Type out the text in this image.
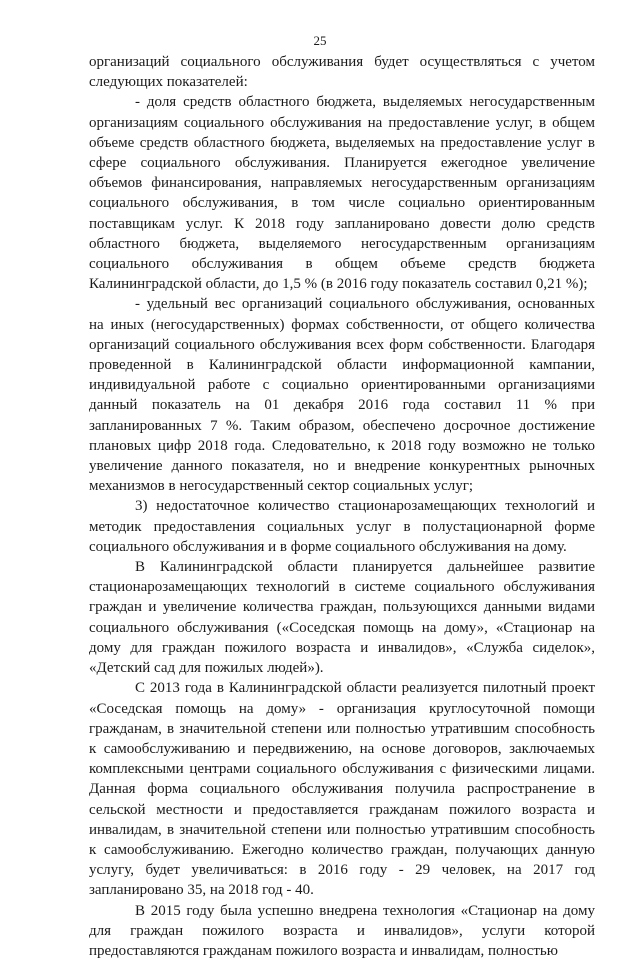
25

организаций социального обслуживания будет осуществляться с учетом следующих показателей:

- доля средств областного бюджета, выделяемых негосударственным организациям социального обслуживания на предоставление услуг, в общем объеме средств областного бюджета, выделяемых на предоставление услуг в сфере социального обслуживания. Планируется ежегодное увеличение объемов финансирования, направляемых негосударственным организациям социального обслуживания, в том числе социально ориентированным поставщикам услуг. К 2018 году запланировано довести долю средств областного бюджета, выделяемого негосударственным организациям социального обслуживания в общем объеме средств бюджета Калининградской области, до 1,5 % (в 2016 году показатель составил 0,21 %);

- удельный вес организаций социального обслуживания, основанных на иных (негосударственных) формах собственности, от общего количества организаций социального обслуживания всех форм собственности. Благодаря проведенной в Калининградской области информационной кампании, индивидуальной работе с социально ориентированными организациями данный показатель на 01 декабря 2016 года составил 11 % при запланированных 7 %. Таким образом, обеспечено досрочное достижение плановых цифр 2018 года. Следовательно, к 2018 году возможно не только увеличение данного показателя, но и внедрение конкурентных рыночных механизмов в негосударственный сектор социальных услуг;

3) недостаточное количество стационарозамещающих технологий и методик предоставления социальных услуг в полустационарной форме социального обслуживания и в форме социального обслуживания на дому.

В Калининградской области планируется дальнейшее развитие стационарозамещающих технологий в системе социального обслуживания граждан и увеличение количества граждан, пользующихся данными видами социального обслуживания («Соседская помощь на дому», «Стационар на дому для граждан пожилого возраста и инвалидов», «Служба сиделок», «Детский сад для пожилых людей»).

С 2013 года в Калининградской области реализуется пилотный проект «Соседская помощь на дому» - организация круглосуточной помощи гражданам, в значительной степени или полностью утратившим способность к самообслуживанию и передвижению, на основе договоров, заключаемых комплексными центрами социального обслуживания с физическими лицами. Данная форма социального обслуживания получила распространение в сельской местности и предоставляется гражданам пожилого возраста и инвалидам, в значительной степени или полностью утратившим способность к самообслуживанию. Ежегодно количество граждан, получающих данную услугу, будет увеличиваться: в 2016 году - 29 человек, на 2017 год запланировано 35, на 2018 год - 40.

В 2015 году была успешно внедрена технология «Стационар на дому для граждан пожилого возраста и инвалидов», услуги которой предоставляются гражданам пожилого возраста и инвалидам, полностью
